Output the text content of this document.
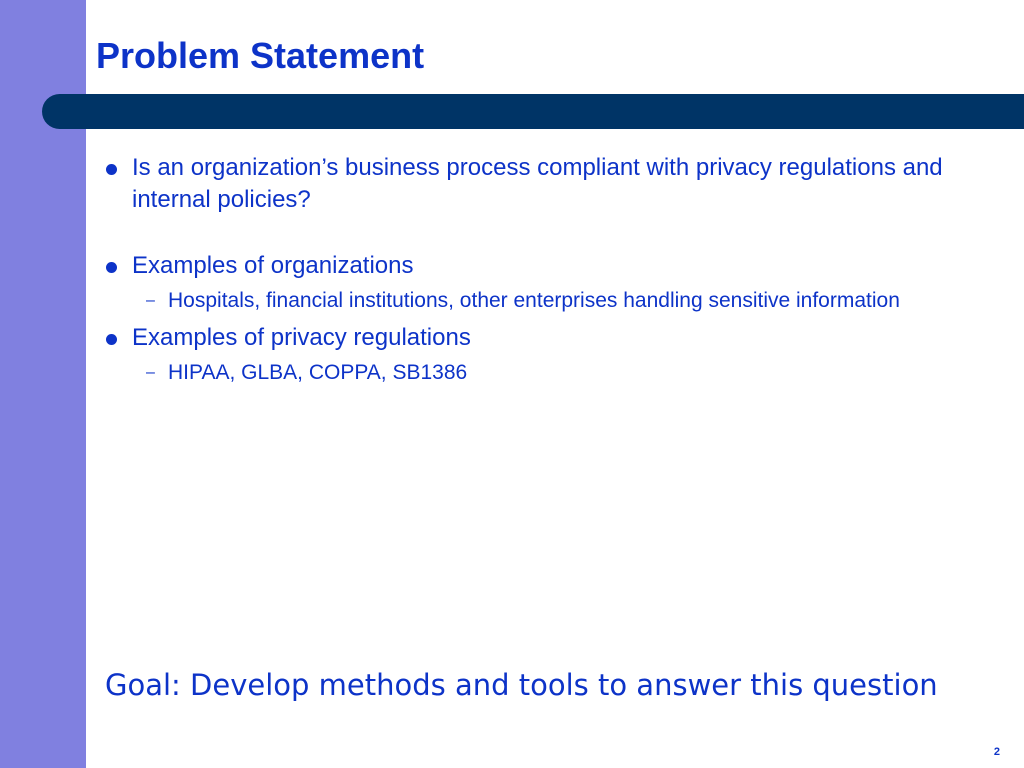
Problem Statement
Is an organization’s business process compliant with privacy regulations and internal policies?
Examples of organizations
– Hospitals, financial institutions, other enterprises handling sensitive information
Examples of privacy regulations
– HIPAA, GLBA, COPPA, SB1386
Goal: Develop methods and tools to answer this question
2
